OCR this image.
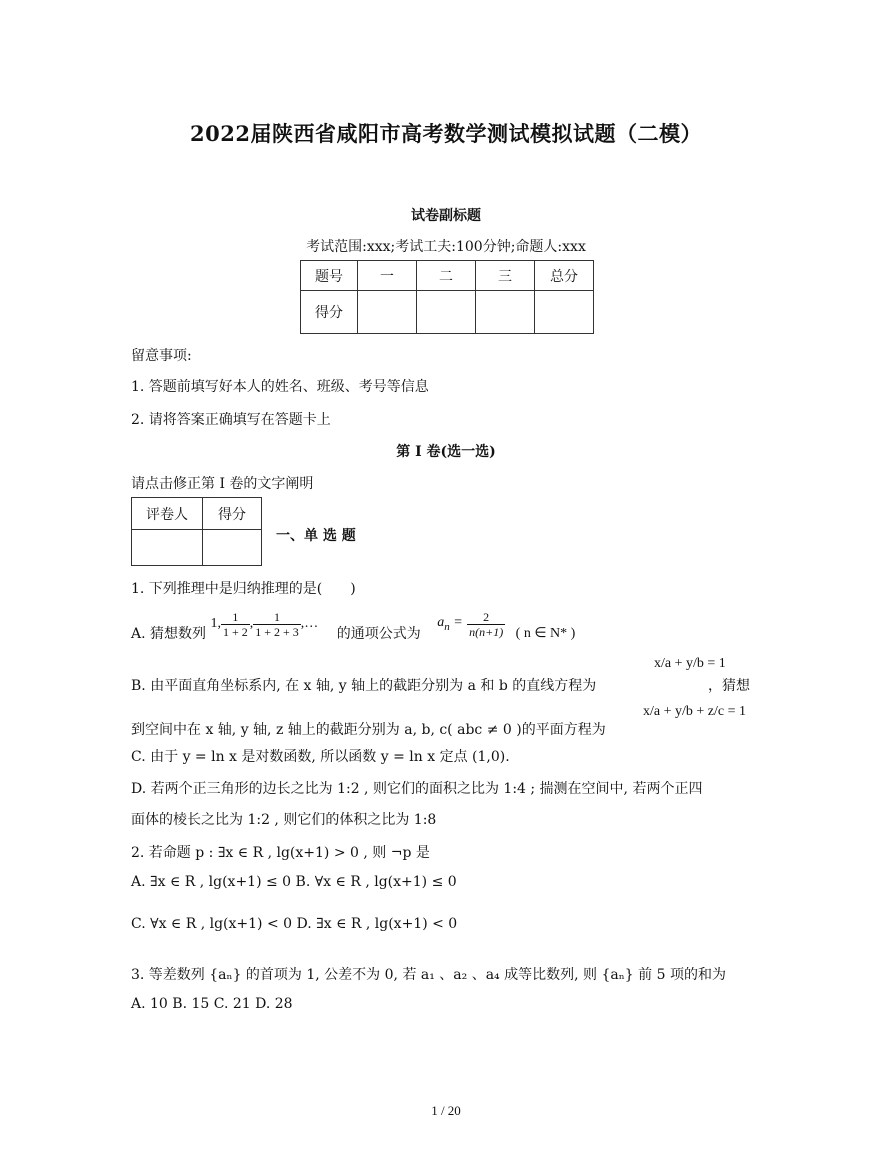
2022届陕西省咸阳市高考数学测试模拟试题（二模）
试卷副标题
考试范围:xxx;考试工夫:100分钟;命题人:xxx
题号	一	二	三	总分
得分				
留意事项:
1. 答题前填写好本人的姓名、班级、考号等信息
2. 请将答案正确填写在答题卡上
第 I 卷(选一选)
请点击修正第 I 卷的文字阐明
评卷人	得分

一、单 选 题
1. 下列推理中是归纳推理的是(　　)
A. 猜想数列 1, $\frac{1}{1 + 2}$ , $\frac{1}{1 + 2 + 3}$ ,… 的通项公式为 $a_n = \frac{2}{n(n+1)}$ ( n ∈ N* )
B. 由平面直角坐标系内, 在 x 轴, y 轴上的截距分别为 a 和 b 的直线方程为
x/a + y/b = 1
，猜想
到空间中在 x 轴, y 轴, z 轴上的截距分别为 a, b, c( abc ≠ 0 )的平面方程为
x/a + y/b + z/c = 1
C. 由于 y = ln x 是对数函数, 所以函数 y = ln x 定点 (1,0).
D. 若两个正三角形的边长之比为 1:2 , 则它们的面积之比为 1:4 ; 揣测在空间中, 若两个正四
面体的棱长之比为 1:2 , 则它们的体积之比为 1:8
2. 若命题 p : ∃x ∈ R , lg(x+1) > 0 , 则 ¬p 是
A. ∃x ∈ R , lg(x+1) ≤ 0 B. ∀x ∈ R , lg(x+1) ≤ 0
C. ∀x ∈ R , lg(x+1) < 0 D. ∃x ∈ R , lg(x+1) < 0
3. 等差数列 {aₙ} 的首项为 1, 公差不为 0, 若 a₁ 、a₂ 、a₄ 成等比数列, 则 {aₙ} 前 5 项的和为
A. 10 B. 15 C. 21 D. 28
1 / 20
